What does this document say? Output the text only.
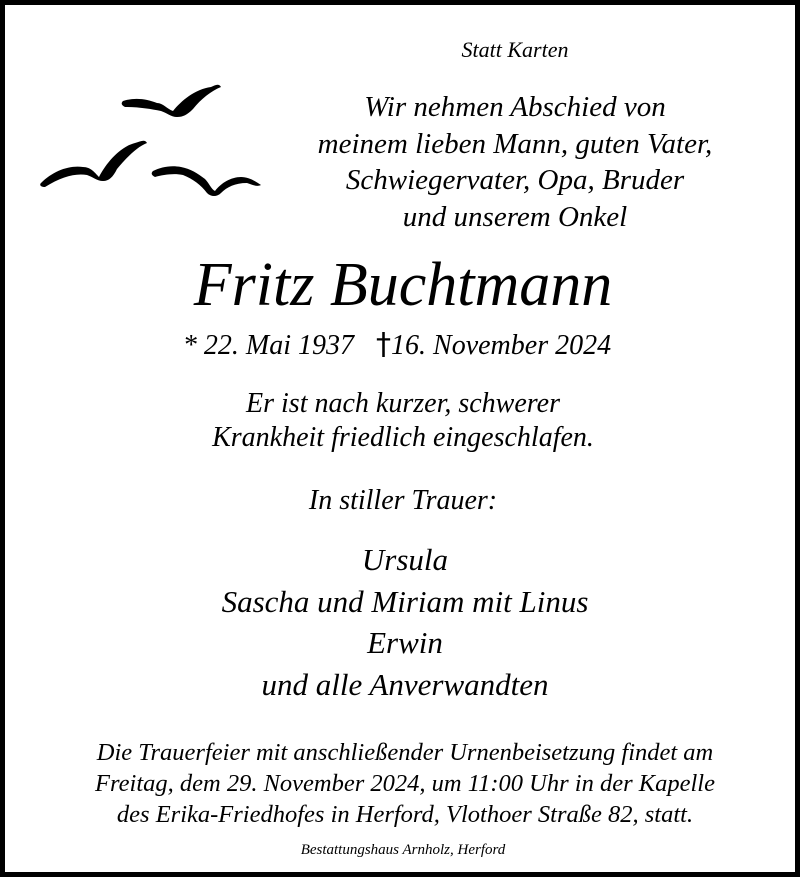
Statt Karten
Wir nehmen Abschied von
meinem lieben Mann, guten Vater,
Schwiegervater, Opa, Bruder
und unserem Onkel
Fritz Buchtmann
* 22. Mai 1937 †16. November 2024
Er ist nach kurzer, schwerer
Krankheit friedlich eingeschlafen.
In stiller Trauer:
Ursula
Sascha und Miriam mit Linus
Erwin
und alle Anverwandten
Die Trauerfeier mit anschließender Urnenbeisetzung findet am
Freitag, dem 29. November 2024, um 11:00 Uhr in der Kapelle
des Erika-Friedhofes in Herford, Vlothoer Straße 82, statt.
Bestattungshaus Arnholz, Herford
